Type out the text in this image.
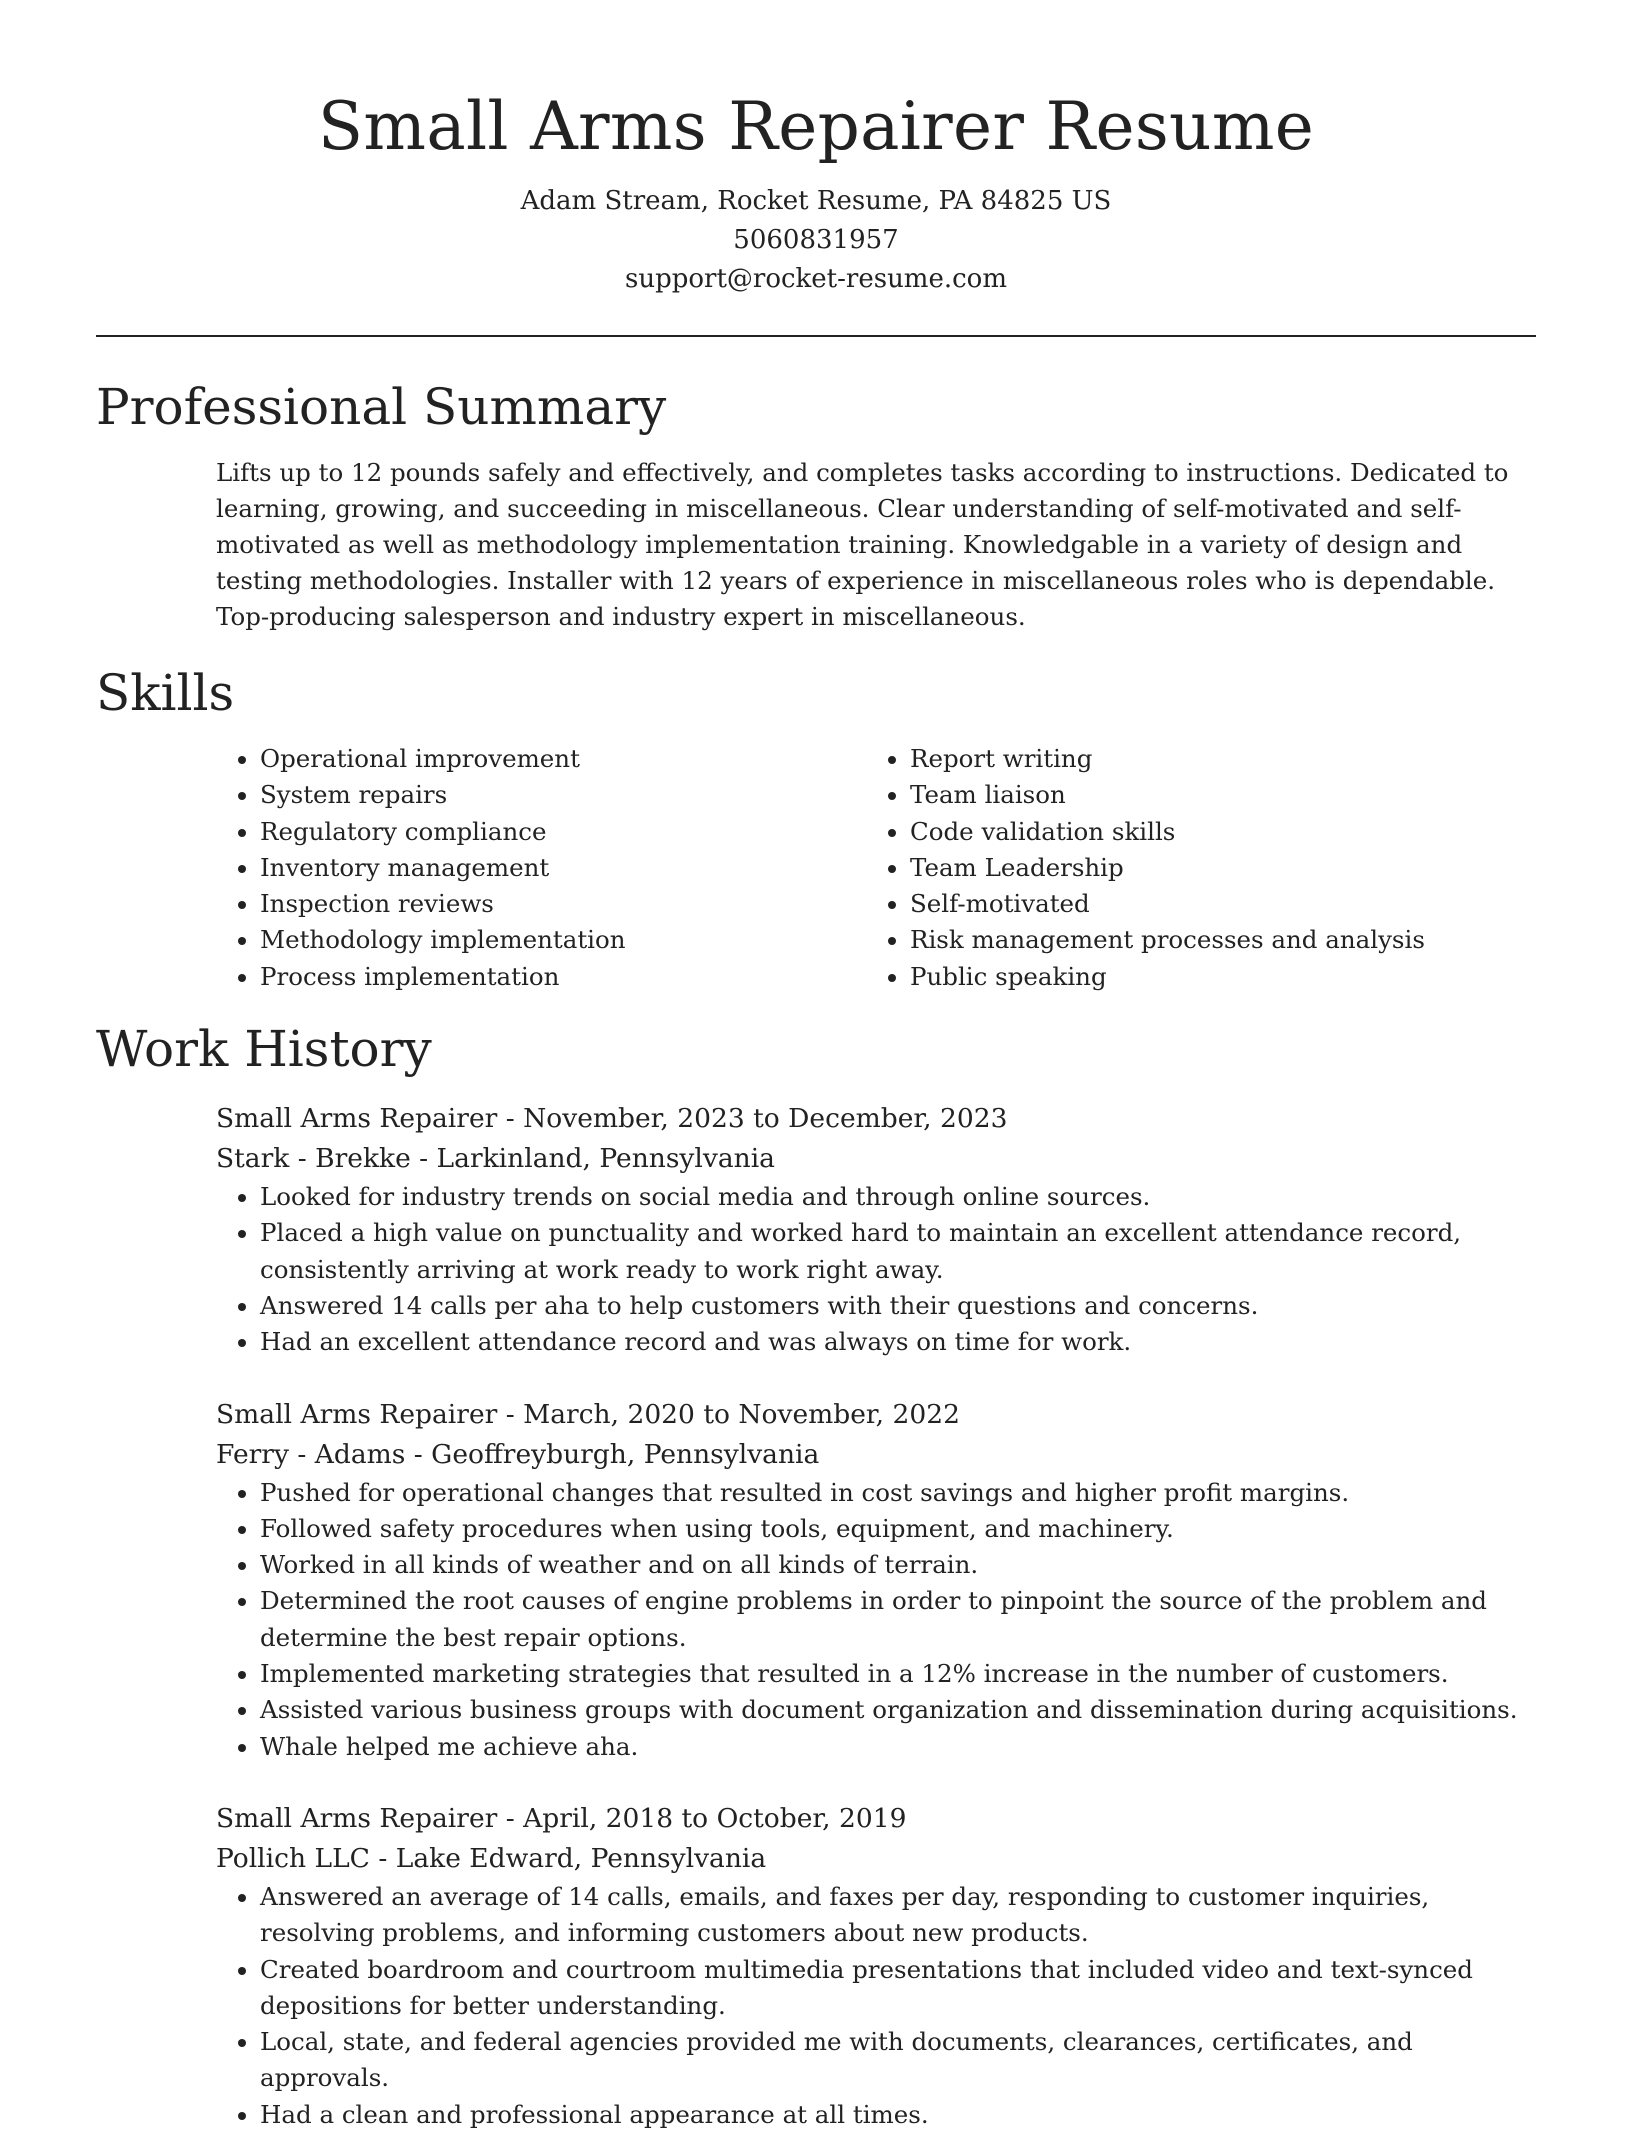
Small Arms Repairer Resume
Adam Stream, Rocket Resume, PA 84825 US
5060831957
support@rocket-resume.com
Professional Summary

Lifts up to 12 pounds safely and effectively, and completes tasks according to instructions. Dedicated to learning, growing, and succeeding in miscellaneous. Clear understanding of self-motivated and self-motivated as well as methodology implementation training. Knowledgable in a variety of design and testing methodologies. Installer with 12 years of experience in miscellaneous roles who is dependable. Top-producing salesperson and industry expert in miscellaneous.

Skills
• Operational improvement
• System repairs
• Regulatory compliance
• Inventory management
• Inspection reviews
• Methodology implementation
• Process implementation
• Report writing
• Team liaison
• Code validation skills
• Team Leadership
• Self-motivated
• Risk management processes and analysis
• Public speaking
Work History
Small Arms Repairer - November, 2023 to December, 2023
Stark - Brekke - Larkinland, Pennsylvania
• Looked for industry trends on social media and through online sources.
• Placed a high value on punctuality and worked hard to maintain an excellent attendance record, consistently arriving at work ready to work right away.
• Answered 14 calls per aha to help customers with their questions and concerns.
• Had an excellent attendance record and was always on time for work.
Small Arms Repairer - March, 2020 to November, 2022
Ferry - Adams - Geoffreyburgh, Pennsylvania
• Pushed for operational changes that resulted in cost savings and higher profit margins.
• Followed safety procedures when using tools, equipment, and machinery.
• Worked in all kinds of weather and on all kinds of terrain.
• Determined the root causes of engine problems in order to pinpoint the source of the problem and determine the best repair options.
• Implemented marketing strategies that resulted in a 12% increase in the number of customers.
• Assisted various business groups with document organization and dissemination during acquisitions.
• Whale helped me achieve aha.
Small Arms Repairer - April, 2018 to October, 2019
Pollich LLC - Lake Edward, Pennsylvania
• Answered an average of 14 calls, emails, and faxes per day, responding to customer inquiries, resolving problems, and informing customers about new products.
• Created boardroom and courtroom multimedia presentations that included video and text-synced depositions for better understanding.
• Local, state, and federal agencies provided me with documents, clearances, certificates, and approvals.
• Had a clean and professional appearance at all times.
